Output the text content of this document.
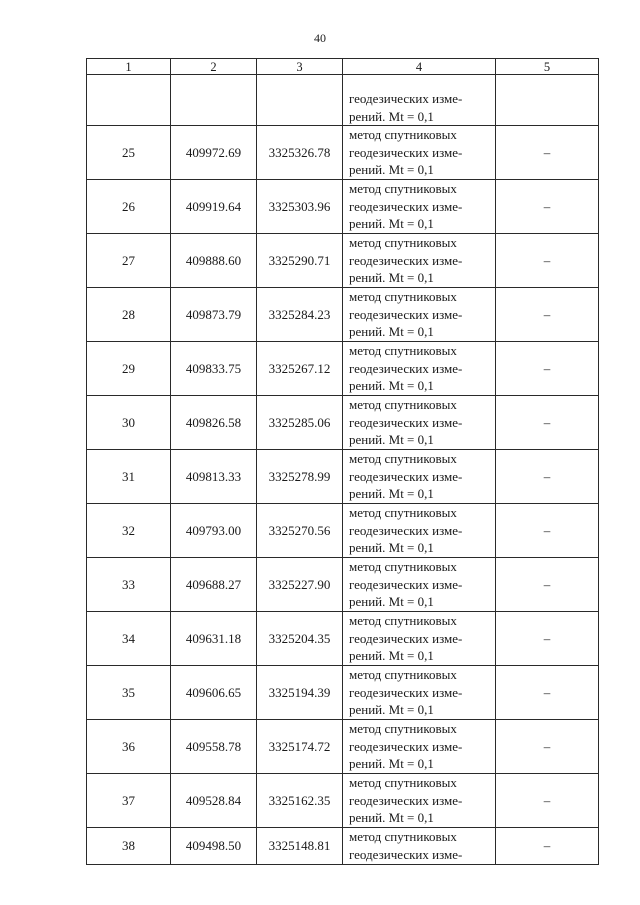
40
1	2	3	4	5

			геодезических изме-
рений. Mt = 0,1	

25	409972.69	3325326.78	метод спутниковых
геодезических изме-
рений. Mt = 0,1	–
26	409919.64	3325303.96	метод спутниковых
геодезических изме-
рений. Mt = 0,1	–
27	409888.60	3325290.71	метод спутниковых
геодезических изме-
рений. Mt = 0,1	–
28	409873.79	3325284.23	метод спутниковых
геодезических изме-
рений. Mt = 0,1	–
29	409833.75	3325267.12	метод спутниковых
геодезических изме-
рений. Mt = 0,1	–
30	409826.58	3325285.06	метод спутниковых
геодезических изме-
рений. Mt = 0,1	–
31	409813.33	3325278.99	метод спутниковых
геодезических изме-
рений. Mt = 0,1	–
32	409793.00	3325270.56	метод спутниковых
геодезических изме-
рений. Mt = 0,1	–
33	409688.27	3325227.90	метод спутниковых
геодезических изме-
рений. Mt = 0,1	–
34	409631.18	3325204.35	метод спутниковых
геодезических изме-
рений. Mt = 0,1	–
35	409606.65	3325194.39	метод спутниковых
геодезических изме-
рений. Mt = 0,1	–
36	409558.78	3325174.72	метод спутниковых
геодезических изме-
рений. Mt = 0,1	–
37	409528.84	3325162.35	метод спутниковых
геодезических изме-
рений. Mt = 0,1	–
38	409498.50	3325148.81	метод спутниковых
геодезических изме-	–
